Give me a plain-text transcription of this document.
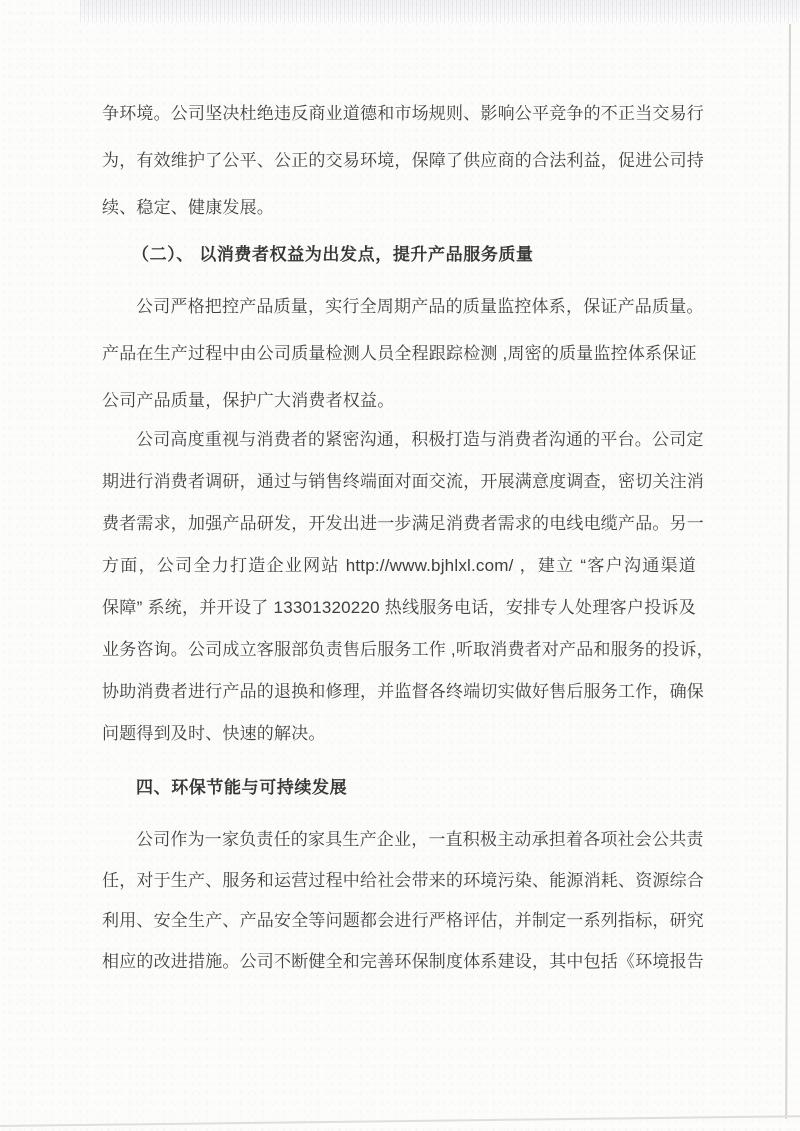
争环境。公司坚决杜绝违反商业道德和市场规则、影响公平竞争的不正当交易行
为，有效维护了公平、公正的交易环境，保障了供应商的合法利益，促进公司持
续、稳定、健康发展。
（二）、 以消费者权益为出发点，提升产品服务质量
公司严格把控产品质量，实行全周期产品的质量监控体系，保证产品质量。
产品在生产过程中由公司质量检测人员全程跟踪检测 ,周密的质量监控体系保证
公司产品质量，保护广大消费者权益。
公司高度重视与消费者的紧密沟通，积极打造与消费者沟通的平台。公司定
期进行消费者调研，通过与销售终端面对面交流，开展满意度调查，密切关注消
费者需求，加强产品研发，开发出进一步满足消费者需求的电线电缆产品。另一
方面，公司全力打造企业网站 http://www.bjhlxl.com/ ，建立 “客户沟通渠道
保障” 系统，并开设了 13301320220 热线服务电话，安排专人处理客户投诉及
业务咨询。公司成立客服部负责售后服务工作 ,听取消费者对产品和服务的投诉，
协助消费者进行产品的退换和修理，并监督各终端切实做好售后服务工作，确保
问题得到及时、快速的解决。
四、环保节能与可持续发展
公司作为一家负责任的家具生产企业，一直积极主动承担着各项社会公共责
任，对于生产、服务和运营过程中给社会带来的环境污染、能源消耗、资源综合
利用、安全生产、产品安全等问题都会进行严格评估，并制定一系列指标，研究
相应的改进措施。公司不断健全和完善环保制度体系建设，其中包括《环境报告
